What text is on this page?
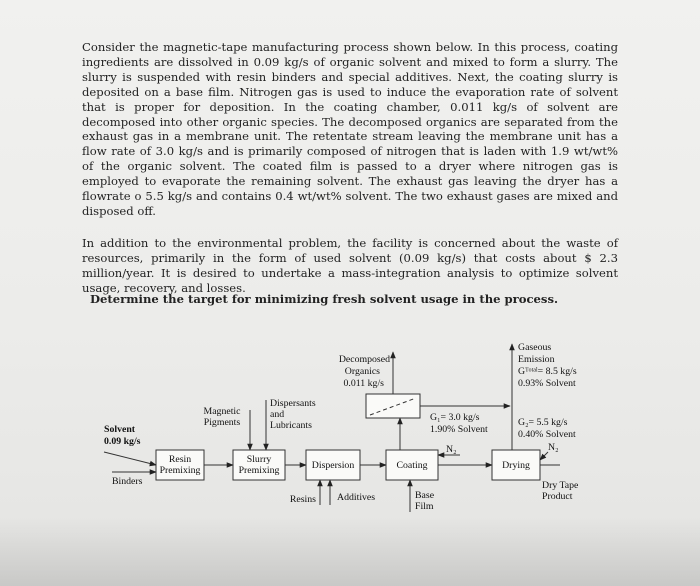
Consider the magnetic-tape manufacturing process shown below. In this process, coating ingredients are dissolved in 0.09 kg/s of organic solvent and mixed to form a slurry. The slurry is suspended with resin binders and special additives. Next, the coating slurry is deposited on a base film. Nitrogen gas is used to induce the evaporation rate of solvent that is proper for deposition. In the coating chamber, 0.011 kg/s of solvent are decomposed into other organic species. The decomposed organics are separated from the exhaust gas in a membrane unit. The retentate stream leaving the membrane unit has a flow rate of 3.0 kg/s and is primarily composed of nitrogen that is laden with 1.9 wt/wt% of the organic solvent. The coated film is passed to a dryer where nitrogen gas is employed to evaporate the remaining solvent. The exhaust gas leaving the dryer has a flowrate o 5.5 kg/s and contains 0.4 wt/wt% solvent. The two exhaust gases are mixed and disposed off.

In addition to the environmental problem, the facility is concerned about the waste of resources, primarily in the form of used solvent (0.09 kg/s) that costs about $ 2.3 million/year. It is desired to undertake a mass-integration analysis to optimize solvent usage, recovery, and losses.

Determine the target for minimizing fresh solvent usage in the process.

Resin
Premixing
Slurry
Premixing	Dispersion	Coating	Drying
Solvent
0.09 kg/s
Binders
Magnetic
Pigments
Dispersants
and
Lubricants
Resins Additives	Base
Film
Dry Tape
Product
Decomposed
Organics
0.011 kg/s
G₁= 3.0 kg/s
1.90% Solvent
G₂= 5.5 kg/s
0.40% Solvent
N₂	N₂
Gaseous
Emission
Gᵀᵒᵗᵃˡ= 8.5 kg/s
0.93% Solvent
